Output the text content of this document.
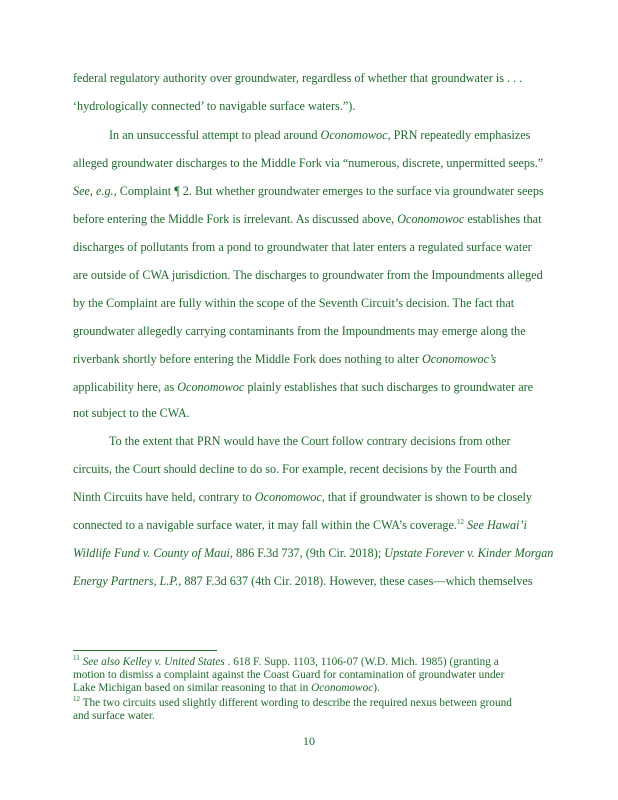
federal regulatory authority over groundwater, regardless of whether that groundwater is . . .
‘hydrologically connected’ to navigable surface waters.”).
In an unsuccessful attempt to plead around Oconomowoc, PRN repeatedly emphasizes
alleged groundwater discharges to the Middle Fork via “numerous, discrete, unpermitted seeps.”
See, e.g., Complaint ¶ 2. But whether groundwater emerges to the surface via groundwater seeps
before entering the Middle Fork is irrelevant. As discussed above, Oconomowoc establishes that
discharges of pollutants from a pond to groundwater that later enters a regulated surface water
are outside of CWA jurisdiction. The discharges to groundwater from the Impoundments alleged
by the Complaint are fully within the scope of the Seventh Circuit’s decision. The fact that
groundwater allegedly carrying contaminants from the Impoundments may emerge along the
riverbank shortly before entering the Middle Fork does nothing to alter Oconomowoc’s
applicability here, as Oconomowoc plainly establishes that such discharges to groundwater are
not subject to the CWA.
To the extent that PRN would have the Court follow contrary decisions from other
circuits, the Court should decline to do so. For example, recent decisions by the Fourth and
Ninth Circuits have held, contrary to Oconomowoc, that if groundwater is shown to be closely
connected to a navigable surface water, it may fall within the CWA’s coverage.$^{12}$ See Hawai’i
Wildlife Fund v. County of Maui, 886 F.3d 737, (9th Cir. 2018); Upstate Forever v. Kinder Morgan
Energy Partners, L.P., 887 F.3d 637 (4th Cir. 2018). However, these cases—which themselves
$^{11}$ See also Kelley v. United States . 618 F. Supp. 1103, 1106-07 (W.D. Mich. 1985) (granting a
motion to dismiss a complaint against the Coast Guard for contamination of groundwater under
Lake Michigan based on similar reasoning to that in Oconomowoc).
$^{12}$ The two circuits used slightly different wording to describe the required nexus between ground
and surface water.
10
